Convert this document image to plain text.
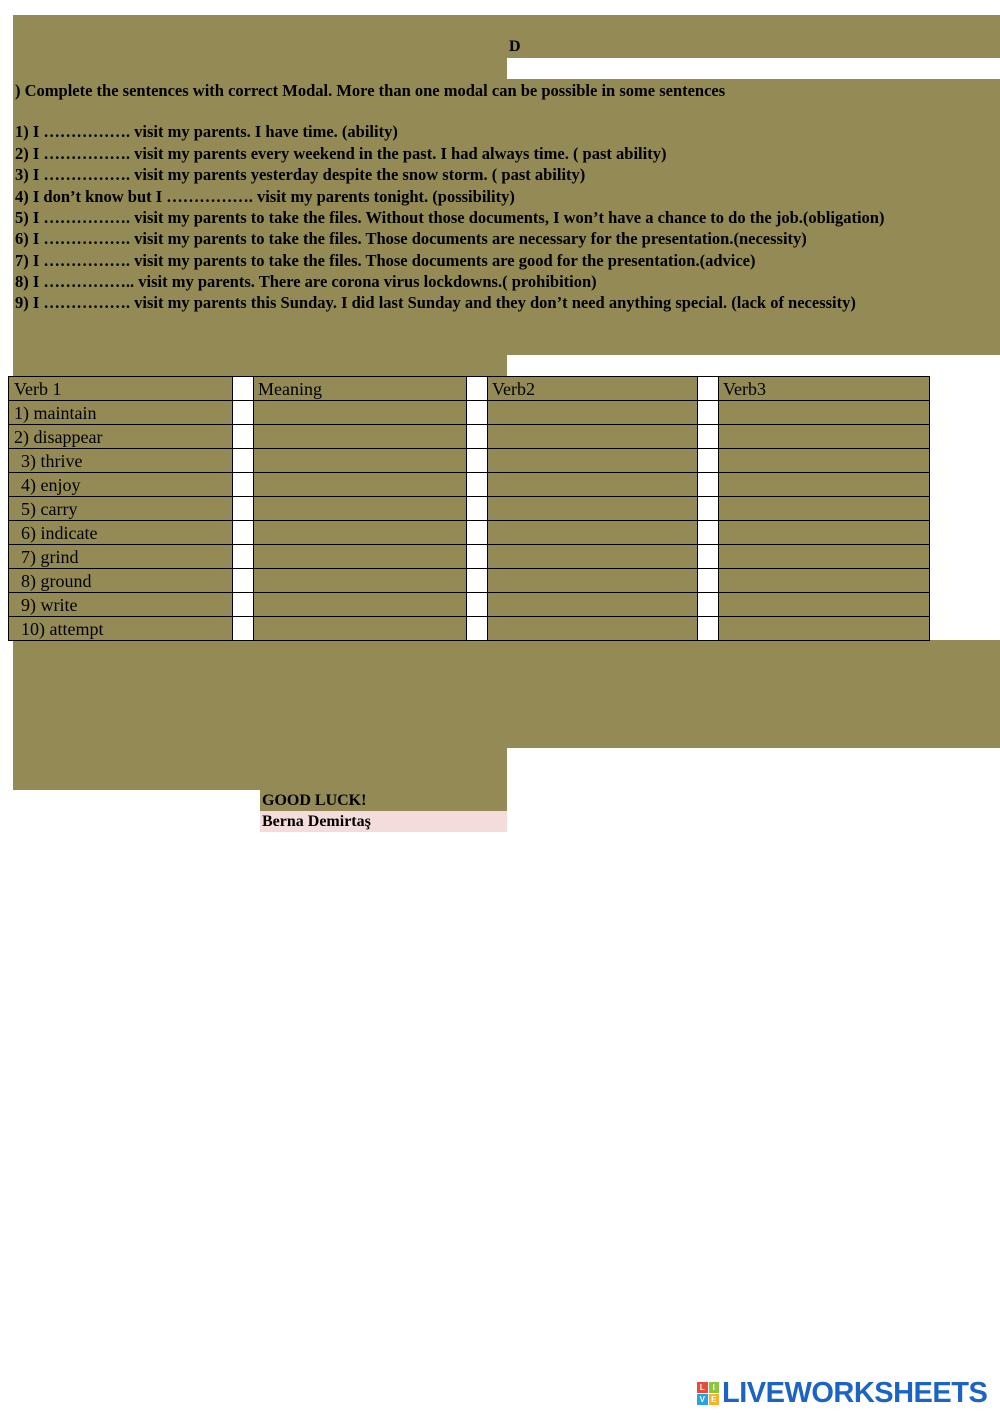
D
) Complete the sentences with correct Modal. More than one modal can be possible in some sentences
1) I ……………. visit my parents. I have time. (ability)
2) I ……………. visit my parents every weekend in the past. I had always time. ( past ability)
3) I ……………. visit my parents yesterday despite the snow storm. ( past ability)
4) I don’t know but I ……………. visit my parents tonight. (possibility)
5) I ……………. visit my parents to take the files. Without those documents, I won’t have a chance to do the job.(obligation)
6) I ……………. visit my parents to take the files. Those documents are necessary for the presentation.(necessity)
7) I ……………. visit my parents to take the files. Those documents are good for the presentation.(advice)
8) I …………….. visit my parents. There are corona virus lockdowns.( prohibition)
9) I ……………. visit my parents this Sunday. I did last Sunday and they don’t need anything special. (lack of necessity)
Verb 1		Meaning		Verb2		Verb3
1) maintain						
2) disappear						
3) thrive						
4) enjoy						
5) carry						
6) indicate						
7) grind						
8) ground						
9) write						
10) attempt						
GOOD LUCK!
Berna Demirtaş
L I
V E LIVEWORKSHEETS
